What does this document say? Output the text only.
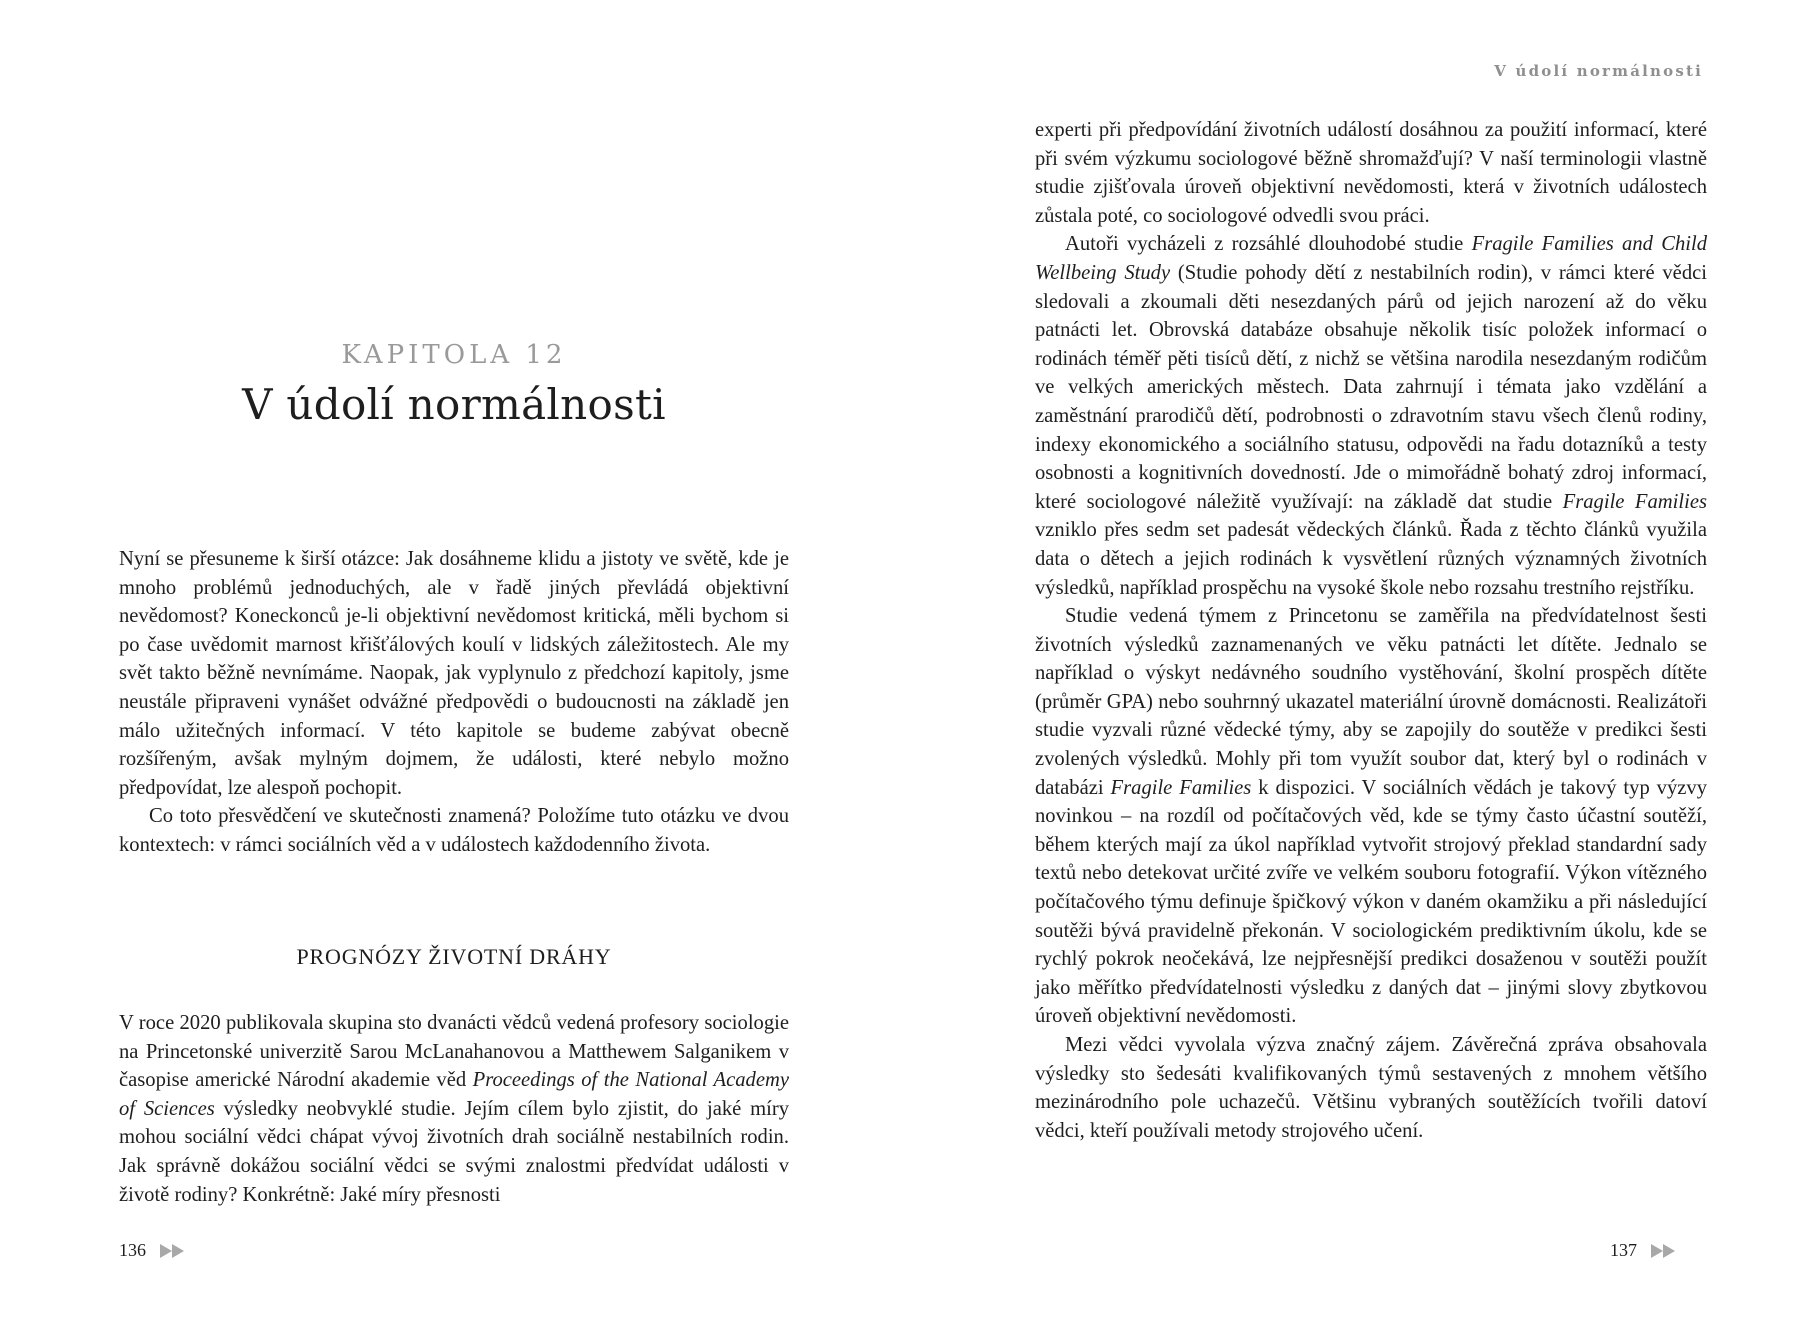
KAPITOLA 12
V údolí normálnosti

Nyní se přesuneme k širší otázce: Jak dosáhneme klidu a jistoty ve světě, kde je mnoho problémů jednoduchých, ale v řadě jiných převládá objektivní nevědomost? Koneckonců je-li objektivní nevědomost kritická, měli bychom si po čase uvědomit marnost křišťálových koulí v lidských záležitostech. Ale my svět takto běžně nevnímáme. Naopak, jak vyplynulo z předchozí kapitoly, jsme neustále připraveni vynášet odvážné předpovědi o budoucnosti na základě jen málo užitečných informací. V této kapitole se budeme zabývat obecně rozšířeným, avšak mylným dojmem, že události, které nebylo možno předpovídat, lze alespoň pochopit.

Co toto přesvědčení ve skutečnosti znamená? Položíme tuto otázku ve dvou kontextech: v rámci sociálních věd a v událostech každodenního života.

PROGNÓZY ŽIVOTNÍ DRÁHY

V roce 2020 publikovala skupina sto dvanácti vědců vedená profesory sociologie na Princetonské univerzitě Sarou McLanahanovou a Matthewem Salganikem v časopise americké Národní akademie věd Proceedings of the National Academy of Sciences výsledky neobvyklé studie. Jejím cílem bylo zjistit, do jaké míry mohou sociální vědci chápat vývoj životních drah sociálně nestabilních rodin. Jak správně dokážou sociální vědci se svými znalostmi předvídat události v životě rodiny? Konkrétně: Jaké míry přesnosti

136
V údolí normálnosti

experti při předpovídání životních událostí dosáhnou za použití informací, které při svém výzkumu sociologové běžně shromažďují? V naší terminologii vlastně studie zjišťovala úroveň objektivní nevědomosti, která v životních událostech zůstala poté, co sociologové odvedli svou práci.

Autoři vycházeli z rozsáhlé dlouhodobé studie Fragile Families and Child Wellbeing Study (Studie pohody dětí z nestabilních rodin), v rámci které vědci sledovali a zkoumali děti nesezdaných párů od jejich narození až do věku patnácti let. Obrovská databáze obsahuje několik tisíc položek informací o rodinách téměř pěti tisíců dětí, z nichž se většina narodila nesezdaným rodičům ve velkých amerických městech. Data zahrnují i témata jako vzdělání a zaměstnání prarodičů dětí, podrobnosti o zdravotním stavu všech členů rodiny, indexy ekonomického a sociálního statusu, odpovědi na řadu dotazníků a testy osobnosti a kognitivních dovedností. Jde o mimořádně bohatý zdroj informací, které sociologové náležitě využívají: na základě dat studie Fragile Families vzniklo přes sedm set padesát vědeckých článků. Řada z těchto článků využila data o dětech a jejich rodinách k vysvětlení různých významných životních výsledků, například prospěchu na vysoké škole nebo rozsahu trestního rejstříku.

Studie vedená týmem z Princetonu se zaměřila na předvídatelnost šesti životních výsledků zaznamenaných ve věku patnácti let dítěte. Jednalo se například o výskyt nedávného soudního vystěhování, školní prospěch dítěte (průměr GPA) nebo souhrnný ukazatel materiální úrovně domácnosti. Realizátoři studie vyzvali různé vědecké týmy, aby se zapojily do soutěže v predikci šesti zvolených výsledků. Mohly při tom využít soubor dat, který byl o rodinách v databázi Fragile Families k dispozici. V sociálních vědách je takový typ výzvy novinkou – na rozdíl od počítačových věd, kde se týmy často účastní soutěží, během kterých mají za úkol například vytvořit strojový překlad standardní sady textů nebo detekovat určité zvíře ve velkém souboru fotografií. Výkon vítězného počítačového týmu definuje špičkový výkon v daném okamžiku a při následující soutěži bývá pravidelně překonán. V sociologickém prediktivním úkolu, kde se rychlý pokrok neočekává, lze nejpřesnější predikci dosaženou v soutěži použít jako měřítko předvídatelnosti výsledku z daných dat – jinými slovy zbytkovou úroveň objektivní nevědomosti.

Mezi vědci vyvolala výzva značný zájem. Závěrečná zpráva obsahovala výsledky sto šedesáti kvalifikovaných týmů sestavených z mnohem většího mezinárodního pole uchazečů. Většinu vybraných soutěžících tvořili datoví vědci, kteří používali metody strojového učení.

137
